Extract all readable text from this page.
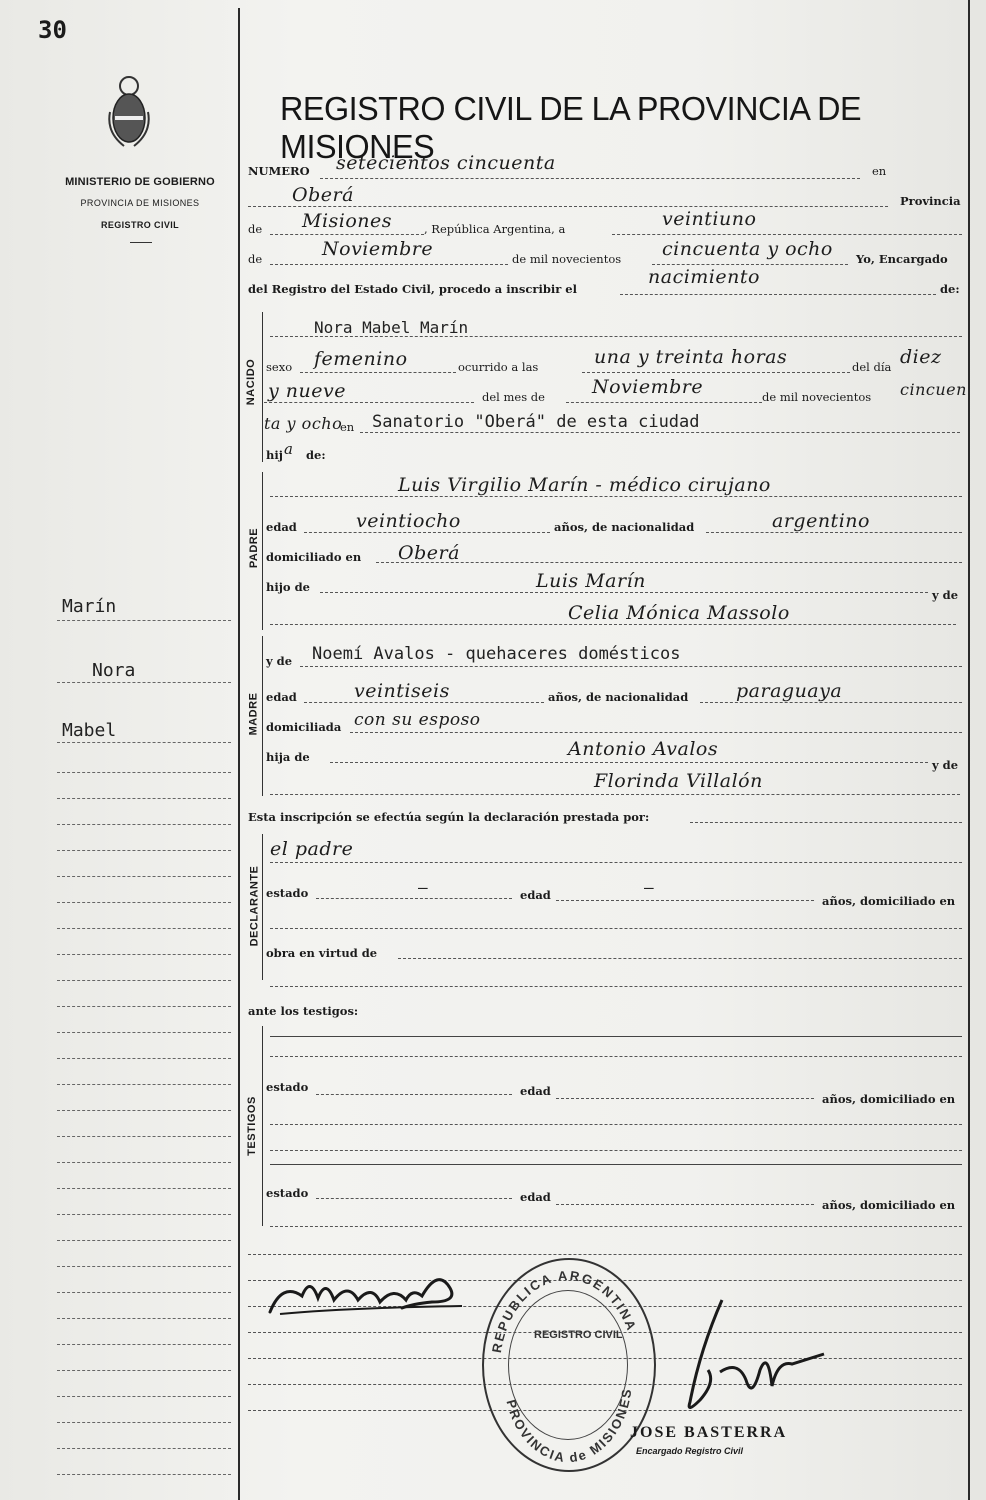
30
MINISTERIO DE GOBIERNO
PROVINCIA DE MISIONES
REGISTRO CIVIL
REGISTRO CIVIL DE LA PROVINCIA DE MISIONES
NUMERO setecientos cincuenta	en
Oberá	Provincia
de Misiones	, República Argentina, a	veintiuno
de	Noviembre	de mil novecientos cincuenta y ocho Yo, Encargado
del Registro del Estado Civil, procedo a inscribir el
nacimiento
de:
NACIDO
Nora Mabel Marín
sexo femenino	ocurrido a las	una y treinta horas	del día diez
y nueve	del mes de Noviembre	de mil novecientos cincuen
ta y ocho
en Sanatorio "Oberá" de esta ciudad
hij a de:
PADRE
Luis Virgilio Marín - médico cirujano
edad	veintiocho	años, de nacionalidad	argentino
domiciliado en Oberá
hijo de	Luis Marín
y de
Celia Mónica Massolo
MADRE
y de Noemí Avalos - quehaceres domésticos
edad	veintiseis	años, de nacionalidad	paraguaya
domiciliada con su esposo
hija de	Antonio Avalos
y de
Florinda Villalón
Esta inscripción se efectúa según la declaración prestada por:
DECLARANTE
el padre
estado	—	edad	—
años, domiciliado en
obra en virtud de
ante los testigos:
TESTIGOS
estado	edad
años, domiciliado en
estado	edad
años, domiciliado en
REPUBLICA ARGENTINA
PROVINCIA de MISIONES
REGISTRO CIVIL
JOSE BASTERRA
Encargado Registro Civil
Marín
Nora
Mabel
